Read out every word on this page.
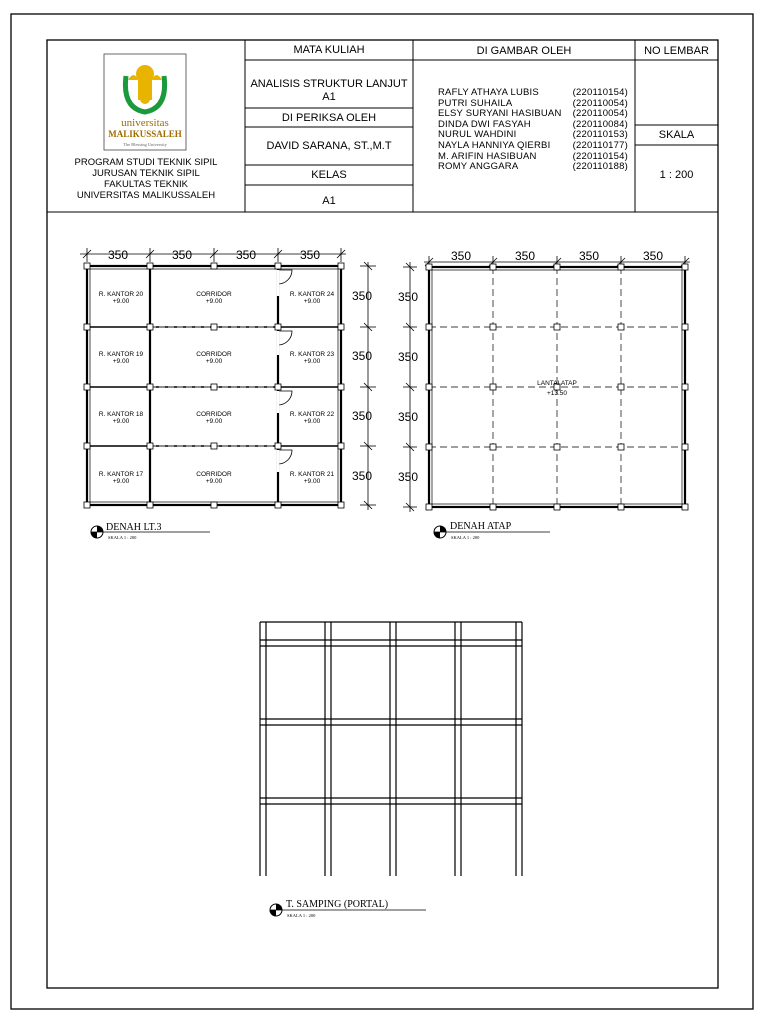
universitas
MALIKUSSALEH
The Blessing University
350	350	350	350
350
350
350
350
R. KANTOR 20
+9.00
CORRIDOR
+9.00
R. KANTOR 24
+9.00
R. KANTOR 19
+9.00
CORRIDOR
+9.00
R. KANTOR 23
+9.00
R. KANTOR 18
+9.00
CORRIDOR
+9.00
R. KANTOR 22
+9.00
R. KANTOR 17
+9.00
CORRIDOR
+9.00
R. KANTOR 21
+9.00
DENAH LT.3
SKALA 1 : 200
350	350	350	350
350
350
350
350
LANTAI ATAP
+13.50
DENAH ATAP
SKALA 1 : 200
T. SAMPING (PORTAL)
SKALA 1 : 200
MATA KULIAH
ANALISIS STRUKTUR LANJUT
A1
DI PERIKSA OLEH
DAVID SARANA, ST.,M.T
KELAS
A1
DI GAMBAR OLEH	NO LEMBAR
SKALA
1 : 200
PROGRAM STUDI TEKNIK SIPIL
JURUSAN TEKNIK SIPIL
FAKULTAS TEKNIK
UNIVERSITAS MALIKUSSALEH
RAFLY ATHAYA LUBIS	(220110154)
PUTRI SUHAILA	(220110054)
ELSY SURYANI HASIBUAN (220110054)
DINDA DWI FASYAH	(220110084)
NURUL WAHDINI	(220110153)
NAYLA HANNIYA QIERBI (220110177)
M. ARIFIN HASIBUAN	(220110154)
ROMY ANGGARA	(220110188)
